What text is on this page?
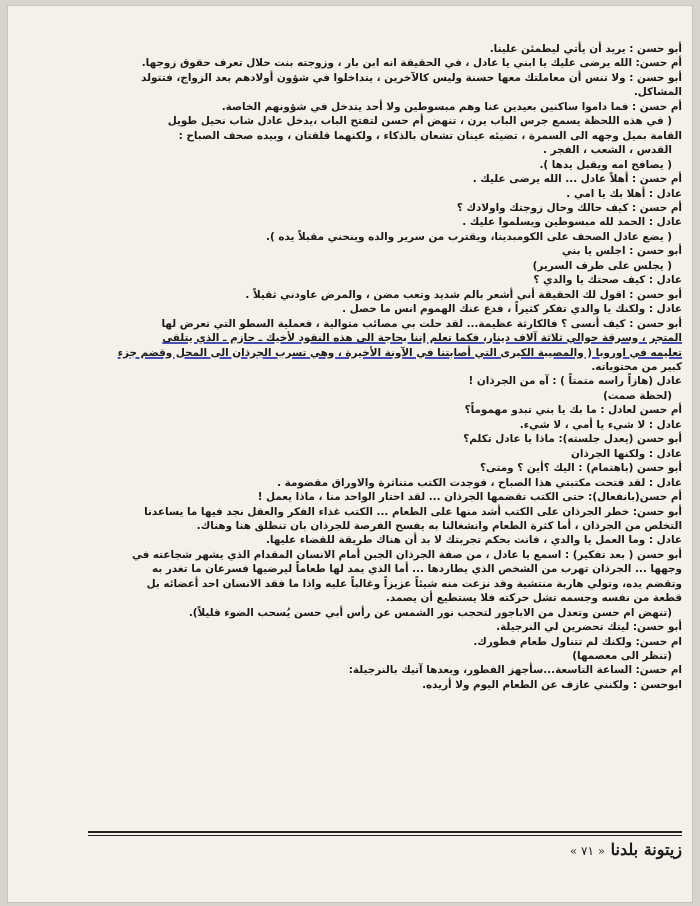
أبو حسن : يريد أن يأتي ليطمئن علينا.

أم حسن: الله يرضى عليك يا ابني يا عادل ، في الحقيقة انه ابن بار ، وزوجته بنت حلال تعرف حقوق زوجها.

أبو حسن : ولا تنس أن معاملتك معها حسنة وليس كالآخرين ، يتداخلوا في شؤون أولادهم بعد الزواج، فتتولد

المشاكل.

أم حسن : فما داموا ساكنين بعيدين عنا وهم مبسوطين ولا أحد يتدخل في شؤونهم الخاصة.

( في هذه اللحظة يسمع جرس الباب يرن ، تنهض أم حسن لتفتح الباب ،يدخل عادل شاب نحيل طويل

القامة بميل وجهه الى السمرة ، تضيئه عينان تشعان بالذكاء ، ولكنهما قلقتان ، وبيده صحف الصباح :

القدس ، الشعب ، الفجر .

( يصافح امه ويقبل يدها ).

أم حسن : أهلاً عادل ... الله يرضى عليك .

عادل : أهلا بك يا امي .

أم حسن : كيف حالك وحال زوجتك واولادك ؟

عادل : الحمد لله مبسوطين ويسلموا عليك .

( يضع عادل الصحف على الكومبدينا، ويقترب من سرير والده وينحني مقبلاً يده ).

أبو حسن : اجلس يا بني

( يجلس على طرف السرير)

عادل : كيف صحتك يا والدي ؟

أبو حسن : اقول لك الحقيقة أني أشعر بالم شديد وتعب مضن ، والمرض عاودني ثقيلاً .

عادل : ولكنك يا والدي تفكر كثيراً ، فدع عنك الهموم انس ما حصل .

أبو حسن : كيف أنسى ؟ فالكارثة عظيمة... لقد حلت بي مصائب متوالية ، فعملية السطو التي تعرض لها

المتجر ، وسرقة حوالي ثلاثة آلاف دينار، فكما تعلم إننا بحاجة الى هذه النقود لأخيك ـ حازم ـ الذي يتلقى

تعليمه في اوروبا ( والمصيبة الكبرى التي أصابتنا في الآونة الأخيرة ، وهي تسرب الجرذان الى المحل وقضم جزء

كبير من محتوياته.

عادل (هازاً راسه متمتاً ) : آه من الجرذان !

(لحظة صمت)

أم حسن لعادل : ما بك يا بني تبدو مهموماً؟

عادل : لا شيء يا أمي ، لا شيء.

أبو حسن (يعدل جلسته): ماذا يا عادل تكلم؟

عادل : ولكنها الجرذان

أبو حسن (باهتمام) : اليك ؟أين ؟ ومتى؟

عادل : لقد فتحت مكتبتي هذا الصباح ، فوجدت الكتب متناثرة والاوراق مقضومة .

أم حسن(بانفعال): حتى الكتب تقضمها الجرذان ... لقد احتار الواحد منا ، ماذا يعمل !

أبو حسن: خطر الجرذان على الكتب أشد منها على الطعام ... الكتب غذاء الفكر والعقل نجد فيها ما يساعدنا

التخلص من الجرذان ، أما كثرة الطعام وانشغالنا به يفسح الفرصة للجرذان بان تنطلق هنا وهناك.

عادل : وما العمل يا والدي ، فانت بحكم تجربتك لا بد أن هناك طريقة للقضاء عليها.

أبو حسن ( بعد تفكير) : اسمع يا عادل ، من صفة الجرذان الجبن أمام الانسان المقدام الذي يشهر شجاعته في

وجهها ... الجرذان تهرب من الشخص الذي يطاردها ... أما الذي يمد لها طعاماً ليرضيها فسرعان ما تغدر به

وتقضم يده، وتولي هاربة منتشية وقد نزعت منه شيئاً عزيزاً وغالباً عليه واذا ما فقد الانسان احد أعضائه بل

قطعة من نفسه وجسمه تشل حركته فلا يستطيع أن يصمد.

(تنهض ام حسن وتعدل من الاباجور لتحجب نور الشمس عن رأس أبي حسن يُسحب الضوء قليلاً).

أبو حسن: ليتك تحضرين لي النرجيلة.

ام حسن: ولكنك لم تتناول طعام فطورك.

(تنظر الى معصمها)

ام حسن: الساعة التاسعة...سأجهز الفطور، وبعدها آتيك بالنرجيلة:

ابوحسن : ولكنني عازف عن الطعام اليوم ولا أريده.

زيتونة بلدنا « ٧١ »
